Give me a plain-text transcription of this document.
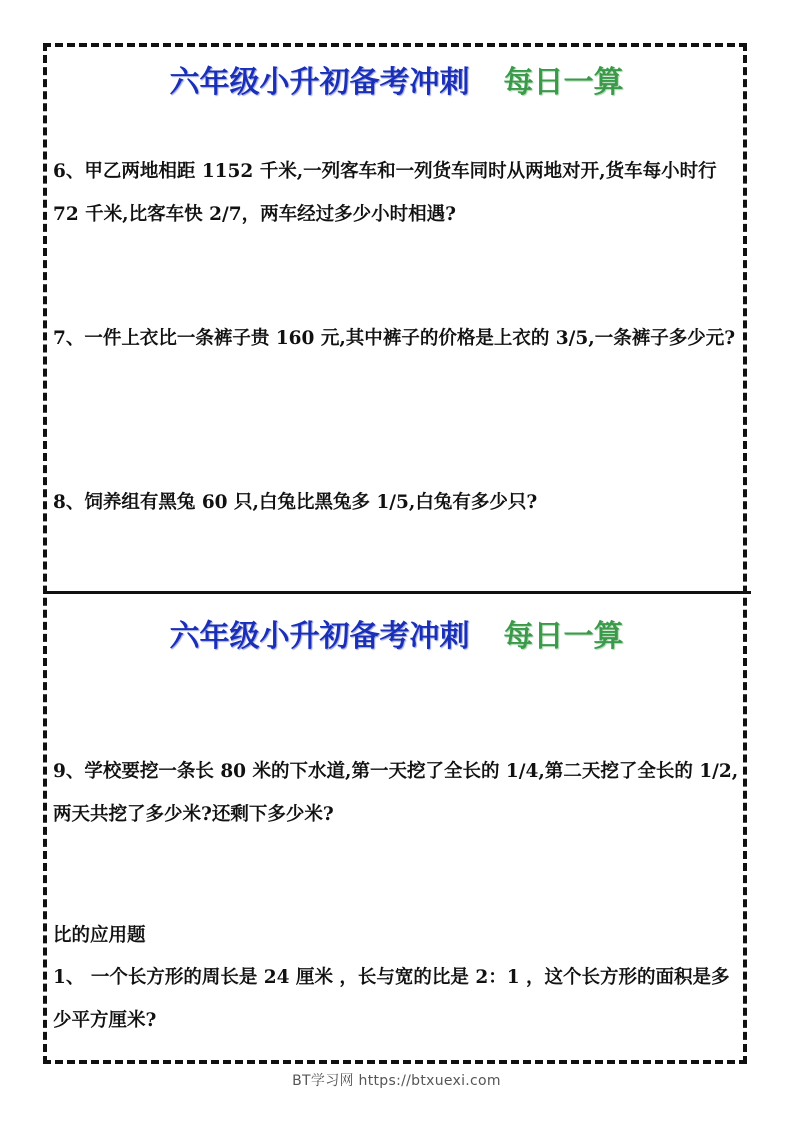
六年级小升初备考冲刺 每日一算

6、甲乙两地相距 1152 千米,一列客车和一列货车同时从两地对开,货车每小时行 72 千米,比客车快 2/7，两车经过多少小时相遇?

7、一件上衣比一条裤子贵 160 元,其中裤子的价格是上衣的 3/5,一条裤子多少元?

8、饲养组有黑兔 60 只,白兔比黑兔多 1/5,白兔有多少只?

六年级小升初备考冲刺 每日一算

9、学校要挖一条长 80 米的下水道,第一天挖了全长的 1/4,第二天挖了全长的 1/2,两天共挖了多少米?还剩下多少米?

比的应用题

1、 一个长方形的周长是 24 厘米 ，长与宽的比是 2：1 ，这个长方形的面积是多少平方厘米?

BT学习网 https://btxuexi.com
